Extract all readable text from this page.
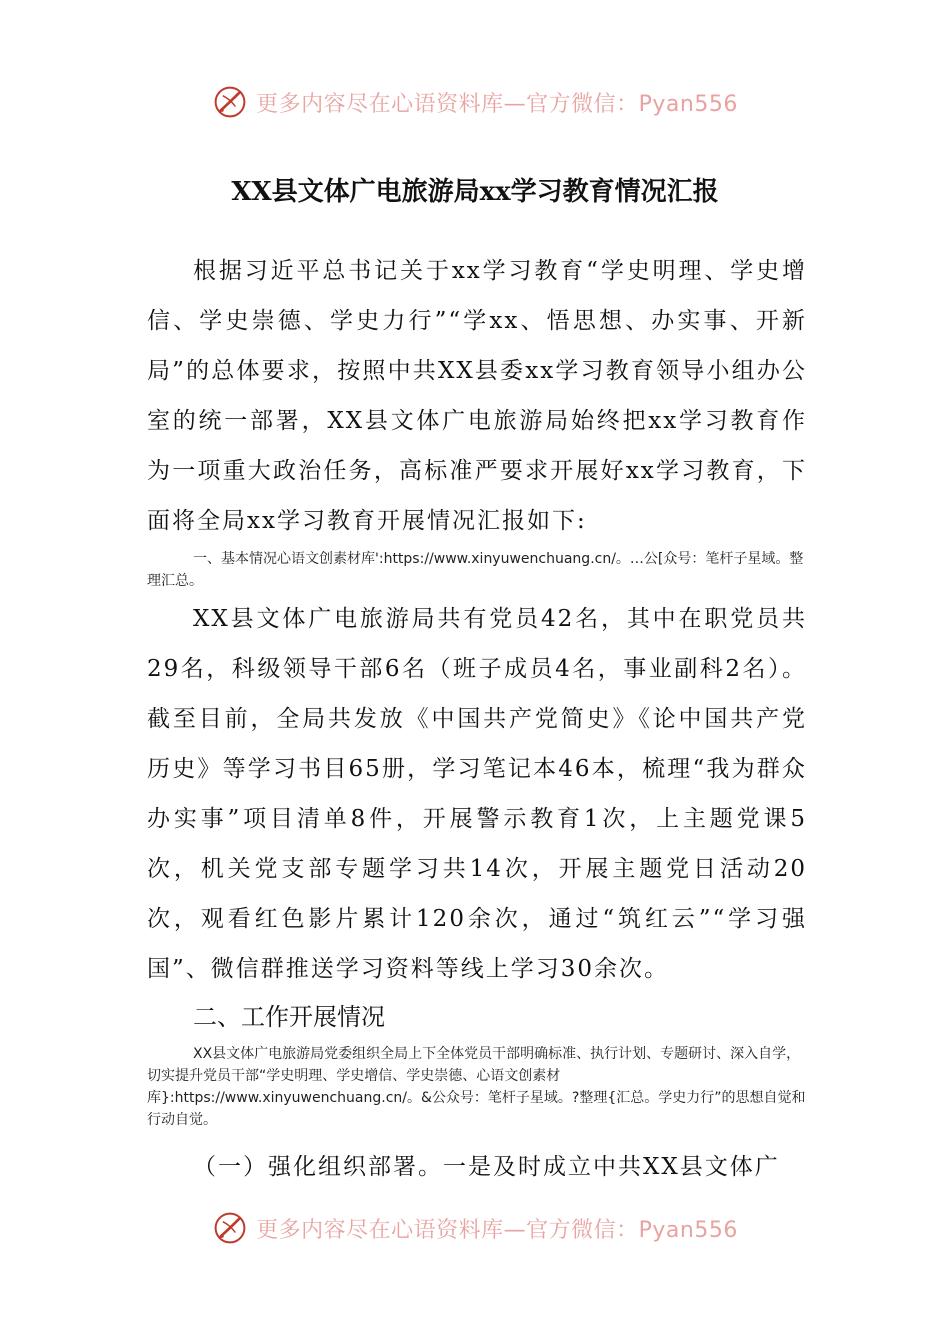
更多内容尽在心语资料库—官方微信：Pyan556
XX县文体广电旅游局xx学习教育情况汇报

根据习近平总书记关于xx学习教育“学史明理、学史增信、学史崇德、学史力行”“学xx、悟思想、办实事、开新局”的总体要求，按照中共XX县委xx学习教育领导小组办公室的统一部署，XX县文体广电旅游局始终把xx学习教育作为一项重大政治任务，高标准严要求开展好xx学习教育，下面将全局xx学习教育开展情况汇报如下:

一、基本情况心语文创素材库':https://www.xinyuwenchuang.cn/。…公[众号：笔杆子星域。整理汇总。

XX县文体广电旅游局共有党员42名，其中在职党员共29名，科级领导干部6名（班子成员4名，事业副科2名）。截至目前，全局共发放《中国共产党简史》《论中国共产党历史》等学习书目65册，学习笔记本46本，梳理“我为群众办实事”项目清单8件，开展警示教育1次，上主题党课5次，机关党支部专题学习共14次，开展主题党日活动20次，观看红色影片累计120余次，通过“筑红云”“学习强国”、微信群推送学习资料等线上学习30余次。

二、工作开展情况

XX县文体广电旅游局党委组织全局上下全体党员干部明确标准、执行计划、专题研讨、深入自学，切实提升党员干部“学史明理、学史增信、学史崇德、心语文创素材库}:https://www.xinyuwenchuang.cn/。&公众号：笔杆子星域。?整理{汇总。学史力行”的思想自觉和行动自觉。

（一）强化组织部署。一是及时成立中共XX县文体广

更多内容尽在心语资料库—官方微信：Pyan556
